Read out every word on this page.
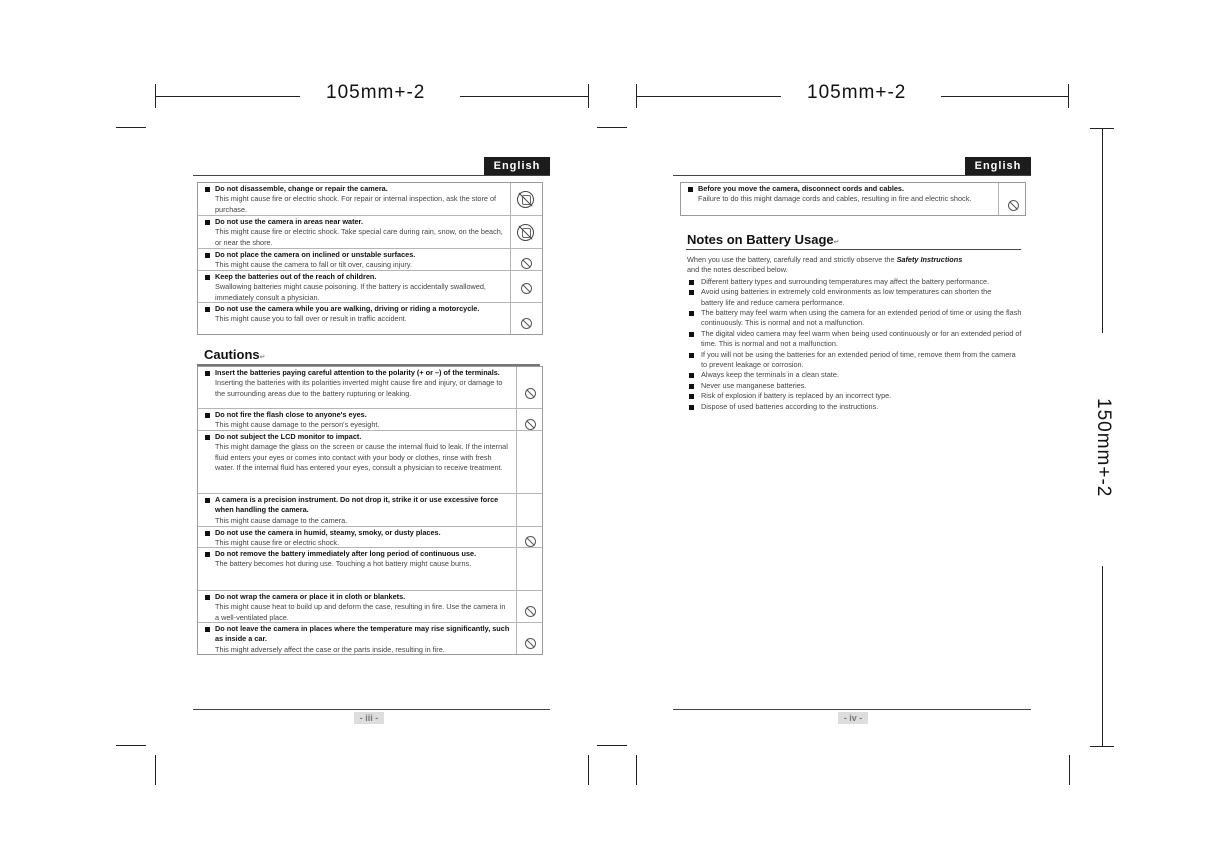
105mm+-2	105mm+-2
150mm+-2
English
Do not disassemble, change or repair the camera.
This might cause fire or electric shock. For repair or internal inspection, ask the store of purchase.
Do not use the camera in areas near water.
This might cause fire or electric shock. Take special care during rain, snow, on the beach, or near the shore.
Do not place the camera on inclined or unstable surfaces.
This might cause the camera to fall or tilt over, causing injury.
Keep the batteries out of the reach of children.
Swallowing batteries might cause poisoning. If the battery is accidentally swallowed, immediately consult a physician.
Do not use the camera while you are walking, driving or riding a motorcycle.
This might cause you to fall over or result in traffic accident.
Cautions↵
Insert the batteries paying careful attention to the polarity (+ or –) of the terminals.
Inserting the batteries with its polarities inverted might cause fire and injury, or damage to the surrounding areas due to the battery rupturing or leaking.
Do not fire the flash close to anyone's eyes.
This might cause damage to the person's eyesight.
Do not subject the LCD monitor to impact.
This might damage the glass on the screen or cause the internal fluid to leak. If the internal fluid enters your eyes or comes into contact with your body or clothes, rinse with fresh water. If the internal fluid has entered your eyes, consult a physician to receive treatment.
A camera is a precision instrument. Do not drop it, strike it or use excessive force when handling the camera.
This might cause damage to the camera.
Do not use the camera in humid, steamy, smoky, or dusty places.
This might cause fire or electric shock.
Do not remove the battery immediately after long period of continuous use.
The battery becomes hot during use. Touching a hot battery might cause burns.
Do not wrap the camera or place it in cloth or blankets.
This might cause heat to build up and deform the case, resulting in fire. Use the camera in a well-ventilated place.
Do not leave the camera in places where the temperature may rise significantly, such as inside a car.
This might adversely affect the case or the parts inside, resulting in fire.
- iii -
English
Before you move the camera, disconnect cords and cables.
Failure to do this might damage cords and cables, resulting in fire and electric shock.
Notes on Battery Usage↵
When you use the battery, carefully read and strictly observe the Safety Instructions
and the notes described below.
Different battery types and surrounding temperatures may affect the battery performance.
Avoid using batteries in extremely cold environments as low temperatures can shorten the battery life and reduce camera performance.
The battery may feel warm when using the camera for an extended period of time or using the flash continuously. This is normal and not a malfunction.
The digital video camera may feel warm when being used continuously or for an extended period of time. This is normal and not a malfunction.
If you will not be using the batteries for an extended period of time, remove them from the camera to prevent leakage or corrosion.
Always keep the terminals in a clean state.
Never use manganese batteries.
Risk of explosion if battery is replaced by an incorrect type.
Dispose of used batteries according to the instructions.
- iv -
